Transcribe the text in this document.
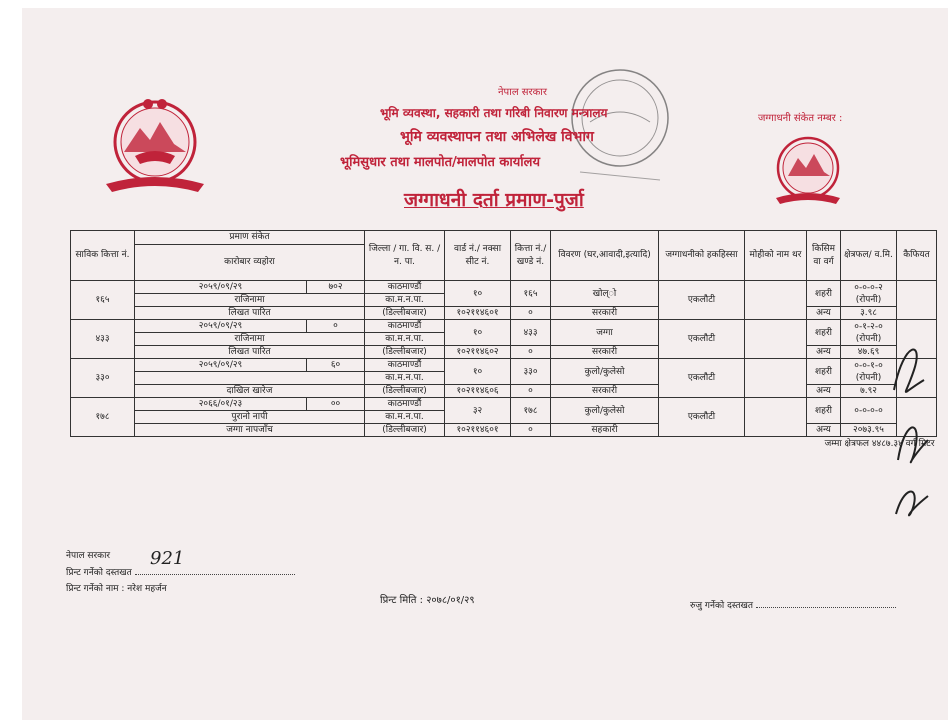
नेपाल सरकार
भूमि व्यवस्था, सहकारी तथा गरिबी निवारण मन्त्रालय
भूमि व्यवस्थापन तथा अभिलेख विभाग
भूमिसुधार तथा मालपोत/मालपोत कार्यालय
जग्गाधनी दर्ता प्रमाण-पुर्जा
जग्गाधनी संकेत नम्बर :
साविक कित्ता नं.	प्रमाण संकेत		जिल्ला / गा. वि. स. / न. पा.	वार्ड नं./ नक्सा सीट नं.	कित्ता नं./ खण्डे नं.	विवरण (घर,आवादी,इत्यादि)	जग्गाधनीको हकहिस्सा	मोहीको नाम थर	किसिम वा वर्ग	क्षेत्रफल/ व.मि.	कैफियत
	कारोबार व्यहोरा										
१६५	२०५९/०९/२९	७०२	काठमाण्डौं	१०	१६५	खोल्ो	एकलौटी		शहरी	०-०-०-२
(रोपनी)	
	राजिनामा		का.म.न.पा.								
	लिखत पारित		(डिल्लीबजार)	१०२११४६०१	०	सरकारी			अन्य	३.९८	
४३३	२०५९/०९/२९	०	काठमाण्डौं	१०	४३३	जग्गा	एकलौटी		शहरी	०-१-२-०
(रोपनी)	
	राजिनामा		का.म.न.पा.								
	लिखत पारित		(डिल्लीबजार)	१०२११४६०२	०	सरकारी			अन्य	४७.६९	
३३०	२०५९/०९/२९	६०	काठमाण्डौं	१०	३३०	कुलो/कुलेसो	एकलौटी		शहरी	०-०-१-०
(रोपनी)	
			का.म.न.पा.								
	दाखिल खारेज		(डिल्लीबजार)	१०२११४६०६	०	सरकारी			अन्य	७.९२	
१७८	२०६६/०१/२३	००	काठमाण्डौं	३२	१७८	कुलो/कुलेसो	एकलौटी		शहरी	०-०-०-०

	पुरानो नापी		का.म.न.पा.								
	जग्गा नापजाँच		(डिल्लीबजार)	१०२११४६०१	०	सहकारी			अन्य	२०७३.९५	
जम्मा क्षेत्रफल ४४८७.३४ वर्ग मिटर											
नेपाल सरकार
प्रिन्ट गर्नेको दस्तखत
प्रिन्ट गर्नेको नाम : नरेश महर्जन
प्रिन्ट मिति : २०७८/०१/२९	रुजु गर्नेको दस्तखत
921
